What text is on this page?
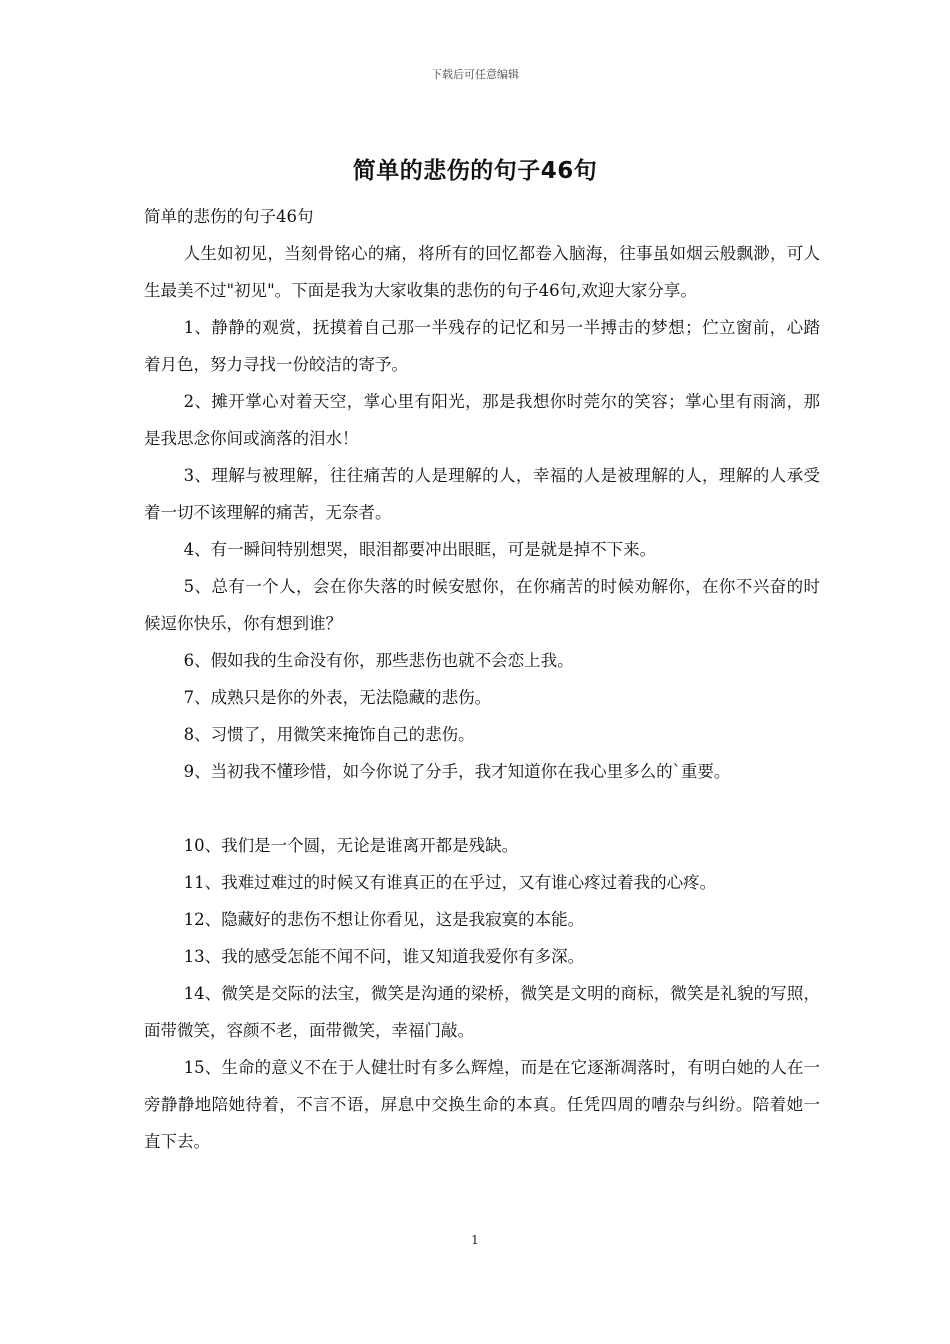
下载后可任意编辑
简单的悲伤的句子46句

简单的悲伤的句子46句

人生如初见，当刻骨铭心的痛，将所有的回忆都卷入脑海，往事虽如烟云般飘渺，可人生最美不过"初见"。下面是我为大家收集的悲伤的句子46句,欢迎大家分享。

1、静静的观赏，抚摸着自己那一半残存的记忆和另一半搏击的梦想；伫立窗前，心踏着月色，努力寻找一份皎洁的寄予。

2、摊开掌心对着天空，掌心里有阳光，那是我想你时莞尔的笑容；掌心里有雨滴，那是我思念你间或滴落的泪水！

3、理解与被理解，往往痛苦的人是理解的人，幸福的人是被理解的人，理解的人承受着一切不该理解的痛苦，无奈者。

4、有一瞬间特别想哭，眼泪都要冲出眼眶，可是就是掉不下来。

5、总有一个人，会在你失落的时候安慰你，在你痛苦的时候劝解你，在你不兴奋的时候逗你快乐，你有想到谁？

6、假如我的生命没有你，那些悲伤也就不会恋上我。

7、成熟只是你的外表，无法隐藏的悲伤。

8、习惯了，用微笑来掩饰自己的悲伤。

9、当初我不懂珍惜，如今你说了分手，我才知道你在我心里多么的`重要。

10、我们是一个圆，无论是谁离开都是残缺。

11、我难过难过的时候又有谁真正的在乎过，又有谁心疼过着我的心疼。

12、隐藏好的悲伤不想让你看见，这是我寂寞的本能。

13、我的感受怎能不闻不问，谁又知道我爱你有多深。

14、微笑是交际的法宝，微笑是沟通的梁桥，微笑是文明的商标，微笑是礼貌的写照，面带微笑，容颜不老，面带微笑，幸福门敲。

15、生命的意义不在于人健壮时有多么辉煌，而是在它逐渐凋落时，有明白她的人在一旁静静地陪她待着，不言不语，屏息中交换生命的本真。任凭四周的嘈杂与纠纷。陪着她一直下去。

1
